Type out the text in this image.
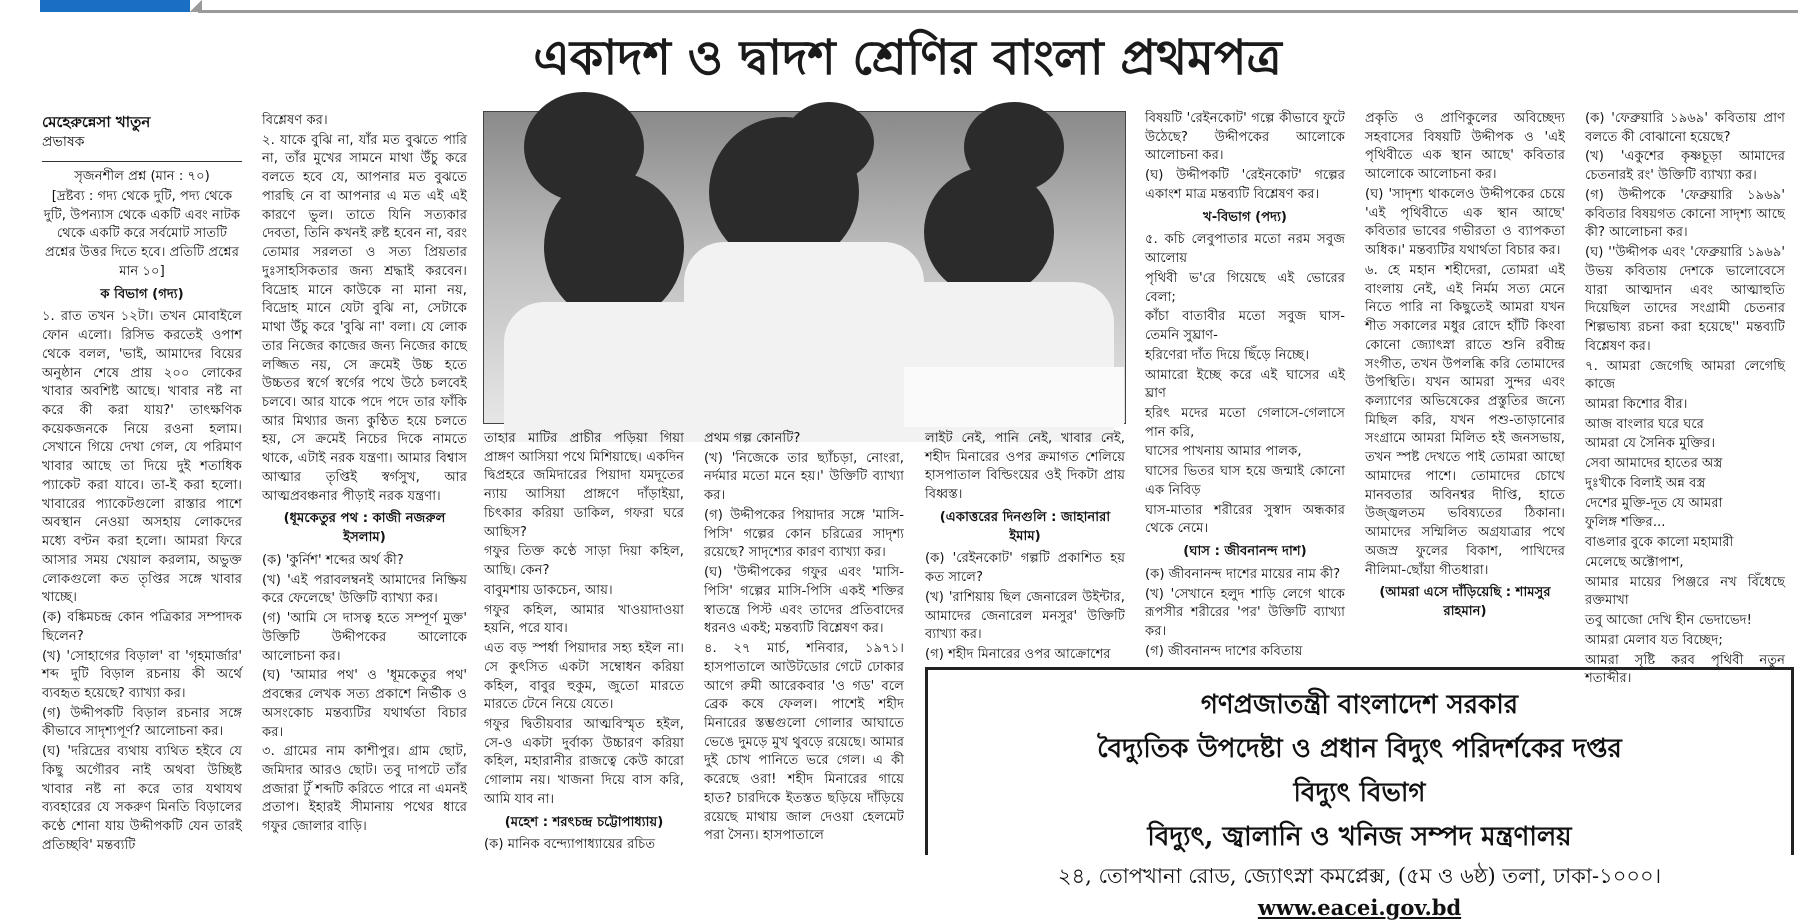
একাদশ ও দ্বাদশ শ্রেণির বাংলা প্রথমপত্র
মেহেরুন্নেসা খাতুন
প্রভাষক

সৃজনশীল প্রশ্ন (মান : ৭০)

[দ্রষ্টব্য : গদ্য থেকে দুটি, পদ্য থেকে দুটি, উপন্যাস থেকে একটি এবং নাটক থেকে একটি করে সর্বমোট সাতটি প্রশ্নের উত্তর দিতে হবে। প্রতিটি প্রশ্নের মান ১০]

ক বিভাগ (গদ্য)

১. রাত তখন ১২টা। তখন মোবাইলে ফোন এলো। রিসিভ করতেই ওপাশ থেকে বলল, 'ভাই, আমাদের বিয়ের অনুষ্ঠান শেষে প্রায় ২০০ লোকের খাবার অবশিষ্ট আছে। খাবার নষ্ট না করে কী করা যায়?' তাৎক্ষণিক কয়েকজনকে নিয়ে রওনা হলাম। সেখানে গিয়ে দেখা গেল, যে পরিমাণ খাবার আছে তা দিয়ে দুই শতাধিক প্যাকেট করা যাবে। তা-ই করা হলো। খাবারের প্যাকেটগুলো রাস্তার পাশে অবস্থান নেওয়া অসহায় লোকদের মধ্যে বণ্টন করা হলো। আমরা ফিরে আসার সময় খেয়াল করলাম, অভুক্ত লোকগুলো কত তৃপ্তির সঙ্গে খাবার খাচ্ছে।

(ক) বঙ্কিমচন্দ্র কোন পত্রিকার সম্পাদক ছিলেন?

(খ) 'সোহাগের বিড়াল' বা 'গৃহমার্জার' শব্দ দুটি বিড়াল রচনায় কী অর্থে ব্যবহৃত হয়েছে? ব্যাখ্যা কর।

(গ) উদ্দীপকটি বিড়াল রচনার সঙ্গে কীভাবে সাদৃশ্যপূর্ণ? আলোচনা কর।

(ঘ) 'দরিদ্রের ব্যথায় ব্যথিত হইবে যে কিছু অগৌরব নাই অথবা উচ্ছিষ্ট খাবার নষ্ট না করে তার যথাযথ ব্যবহারের যে সকরুণ মিনতি বিড়ালের কণ্ঠে শোনা যায় উদ্দীপকটি যেন তারই প্রতিচ্ছবি' মন্তব্যটি

বিশ্লেষণ কর।

২. যাকে বুঝি না, যাঁর মত বুঝতে পারি না, তাঁর মুখের সামনে মাথা উঁচু করে বলতে হবে যে, আপনার মত বুঝতে পারছি নে বা আপনার এ মত এই এই কারণে ভুল। তাতে যিনি সত্যকার দেবতা, তিনি কখনই রুষ্ট হবেন না, বরং তোমার সরলতা ও সত্য প্রিয়তার দুঃসাহসিকতার জন্য শ্রদ্ধাই করবেন। বিদ্রোহ মানে কাউকে না মানা নয়, বিদ্রোহ মানে যেটা বুঝি না, সেটাকে মাথা উঁচু করে 'বুঝি না' বলা। যে লোক তার নিজের কাজের জন্য নিজের কাছে লজ্জিত নয়, সে ক্রমেই উচ্চ হতে উচ্চতর স্বর্গে স্বর্গের পথে উঠে চলবেই চলবে। আর যাকে পদে পদে তার ফাঁকি আর মিথ্যার জন্য কুণ্ঠিত হয়ে চলতে হয়, সে ক্রমেই নিচের দিকে নামতে থাকে, এটাই নরক যন্ত্রণা। আমার বিশ্বাস আত্মার তৃপ্তিই স্বর্গসুখ, আর আত্মপ্রবঞ্চনার পীড়াই নরক যন্ত্রণা।

(ধূমকেতুর পথ : কাজী নজরুল ইসলাম)

(ক) 'কুর্নিশ' শব্দের অর্থ কী?

(খ) 'এই পরাবলম্বনই আমাদের নিষ্ক্রিয় করে ফেলেছে' উক্তিটি ব্যাখ্যা কর।

(গ) 'আমি সে দাসত্ব হতে সম্পূর্ণ মুক্ত' উক্তিটি উদ্দীপকের আলোকে আলোচনা কর।

(ঘ) 'আমার পথ' ও 'ধূমকেতুর পথ' প্রবন্ধের লেখক সত্য প্রকাশে নির্ভীক ও অসংকোচ মন্তব্যটির যথার্থতা বিচার কর।

৩. গ্রামের নাম কাশীপুর। গ্রাম ছোট, জমিদার আরও ছোট। তবু দাপটে তাঁর প্রজারা টুঁ শব্দটি করিতে পারে না এমনই প্রতাপ। ইহারই সীমানায় পথের ধারে গফুর জোলার বাড়ি।

তাহার মাটির প্রাচীর পড়িয়া গিয়া প্রাঙ্গণ আসিয়া পথে মিশিয়াছে। একদিন দ্বিপ্রহরে জমিদারের পিয়াদা যমদূতের ন্যায় আসিয়া প্রাঙ্গণে দাঁড়াইয়া, চিৎকার করিয়া ডাকিল, গফরা ঘরে আছিস?

গফুর তিক্ত কণ্ঠে সাড়া দিয়া কহিল, আছি। কেন?

বাবুমশায় ডাকচেন, আয়।

গফুর কহিল, আমার খাওয়াদাওয়া হয়নি, পরে যাব।

এত বড় স্পর্ধা পিয়াদার সহ্য হইল না। সে কুৎসিত একটা সম্বোধন করিয়া কহিল, বাবুর হুকুম, জুতো মারতে মারতে টেনে নিয়ে যেতে।

গফুর দ্বিতীয়বার আত্মবিস্মৃত হইল, সে-ও একটা দুর্বাক্য উচ্চারণ করিয়া কহিল, মহারানীর রাজত্বে কেউ কারো গোলাম নয়। খাজনা দিয়ে বাস করি, আমি যাব না।

(মহেশ : শরৎচন্দ্র চট্টোপাধ্যায়)

(ক) মানিক বন্দ্যোপাধ্যায়ের রচিত

প্রথম গল্প কোনটি?

(খ) 'নিজেকে তার ছ্যাঁচড়া, নোংরা, নর্দমার মতো মনে হয়।' উক্তিটি ব্যাখ্যা কর।

(গ) উদ্দীপকের পিয়াদার সঙ্গে 'মাসি-পিসি' গল্পের কোন চরিত্রের সাদৃশ্য রয়েছে? সাদৃশ্যের কারণ ব্যাখ্যা কর।

(ঘ) 'উদ্দীপকের গফুর এবং 'মাসি-পিসি' গল্পের মাসি-পিসি একই শক্তির স্বাতন্ত্রে পিস্ট এবং তাদের প্রতিবাদের ধরনও একই; মন্তব্যটি বিশ্লেষণ কর।

৪. ২৭ মার্চ, শনিবার, ১৯৭১। হাসপাতালে আউটডোর গেটে ঢোকার আগে রুমী আরেকবার 'ও গড' বলে ব্রেক কষে ফেলল। পাশেই শহীদ মিনারের স্তম্ভগুলো গোলার আঘাতে ভেঙে দুমড়ে মুখ থুবড়ে রয়েছে। আমার দুই চোখ পানিতে ভরে গেল। এ কী করেছে ওরা! শহীদ মিনারের গায়ে হাত? চারদিকে ইতস্তত ছড়িয়ে দাঁড়িয়ে রয়েছে মাথায় জাল দেওয়া হেলমেট পরা সৈন্য। হাসপাতালে

লাইট নেই, পানি নেই, খাবার নেই, শহীদ মিনারের ওপর ক্রমাগত শেলিয়ে হাসপাতাল বিল্ডিংয়ের ওই দিকটা প্রায় বিধ্বস্ত।

(একাত্তরের দিনগুলি : জাহানারা ইমাম)

(ক) 'রেইনকোট' গল্পটি প্রকাশিত হয় কত সালে?

(খ) 'রাশিয়ায় ছিল জেনারেল উইন্টার, আমাদের জেনারেল মনসুর' উক্তিটি ব্যাখ্যা কর।

(গ) শহীদ মিনারের ওপর আক্রোশের

বিষয়টি 'রেইনকোট' গল্পে কীভাবে ফুটে উঠেছে? উদ্দীপকের আলোকে আলোচনা কর।

(ঘ) উদ্দীপকটি 'রেইনকোট' গল্পের একাংশ মাত্র মন্তব্যটি বিশ্লেষণ কর।

খ-বিভাগ (পদ্য)

৫. কচি লেবুপাতার মতো নরম সবুজ আলোয়

পৃথিবী ভ'রে গিয়েছে এই ভোরের বেলা;

কাঁচা বাতাবীর মতো সবুজ ঘাস- তেমনি সুঘ্রাণ-

হরিণেরা দাঁত দিয়ে ছিঁড়ে নিচ্ছে।

আমারো ইচ্ছে করে এই ঘাসের এই ঘ্রাণ

হরিৎ মদের মতো গেলাসে-গেলাসে পান করি,

ঘাসের পাখনায় আমার পালক,

ঘাসের ভিতর ঘাস হয়ে জন্মাই কোনো এক নিবিড়

ঘাস-মাতার শরীরের সুস্বাদ অন্ধকার থেকে নেমে।

(ঘাস : জীবনানন্দ দাশ)

(ক) জীবনানন্দ দাশের মায়ের নাম কী?

(খ) 'সেখানে হলুদ শাড়ি লেগে থাকে রূপসীর শরীরের 'পর' উক্তিটি ব্যাখ্যা কর।

(গ) জীবনানন্দ দাশের কবিতায়

প্রকৃতি ও প্রাণিকুলের অবিচ্ছেদ্য সহবাসের বিষয়টি উদ্দীপক ও 'এই পৃথিবীতে এক স্থান আছে' কবিতার আলোকে আলোচনা কর।

(ঘ) 'সাদৃশ্য থাকলেও উদ্দীপকের চেয়ে 'এই পৃথিবীতে এক স্থান আছে' কবিতার ভাবের গভীরতা ও ব্যাপকতা অধিক।' মন্তব্যটির যথার্থতা বিচার কর।

৬. হে মহান শহীদেরা, তোমরা এই বাংলায় নেই, এই নির্মম সত্য মেনে নিতে পারি না কিছুতেই আমরা যখন শীত সকালের মধুর রোদে হাঁটি কিংবা কোনো জ্যোৎস্না রাতে শুনি রবীন্দ্র সংগীত, তখন উপলব্ধি করি তোমাদের উপস্থিতি। যখন আমরা সুন্দর এবং কল্যাণের অভিষেকের প্রস্তুতির জন্যে মিছিল করি, যখন পশু-তাড়ানোর সংগ্রামে আমরা মিলিত হই জনসভায়, তখন স্পষ্ট দেখতে পাই তোমরা আছো আমাদের পাশে। তোমাদের চোখে মানবতার অবিনশ্বর দীপ্তি, হাতে উজ্জ্বলতম ভবিষ্যতের ঠিকানা। আমাদের সম্মিলিত অগ্রযাত্রার পথে অজস্র ফুলের বিকাশ, পাখিদের নীলিমা-ছোঁয়া গীতধারা।

(আমরা এসে দাঁড়িয়েছি : শামসুর রাহমান)

(ক) 'ফেব্রুয়ারি ১৯৬৯' কবিতায় প্রাণ বলতে কী বোঝানো হয়েছে?

(খ) 'একুশের কৃষ্ণচূড়া আমাদের চেতনারই রং' উক্তিটি ব্যাখ্যা কর।

(গ) উদ্দীপকে 'ফেব্রুয়ারি ১৯৬৯' কবিতার বিষয়গত কোনো সাদৃশ্য আছে কী? আলোচনা কর।

(ঘ) ''উদ্দীপক এবং 'ফেব্রুয়ারি ১৯৬৯' উভয় কবিতায় দেশকে ভালোবেসে যারা আত্মদান এবং আত্মাহুতি দিয়েছিল তাদের সংগ্রামী চেতনার শিল্পভাষ্য রচনা করা হয়েছে'' মন্তব্যটি বিশ্লেষণ কর।

৭. আমরা জেগেছি আমরা লেগেছি কাজে

আমরা কিশোর বীর।

আজ বাংলার ঘরে ঘরে

আমরা যে সৈনিক মুক্তির।

সেবা আমাদের হাতের অস্ত্র

দুঃখীকে বিলাই অন্ন বস্ত্র

দেশের মুক্তি-দূত যে আমরা

ফুলিঙ্গ শক্তির...

বাঙলার বুকে কালো মহামারী

মেলেছে অক্টোপাশ,

আমার মায়ের পিঞ্জরে নখ বিঁধেছে রক্তমাখা

তবু আজো দেখি হীন ভেদাভেদ!

আমরা মেলাব যত বিচ্ছেদ;

আমরা সৃষ্টি করব পৃথিবী নতুন শতাব্দীর।

গণপ্রজাতন্ত্রী বাংলাদেশ সরকার
বৈদ্যুতিক উপদেষ্টা ও প্রধান বিদ্যুৎ পরিদর্শকের দপ্তর
বিদ্যুৎ বিভাগ
বিদ্যুৎ, জ্বালানি ও খনিজ সম্পদ মন্ত্রণালয়
২৪, তোপখানা রোড, জ্যোৎস্না কমপ্লেক্স, (৫ম ও ৬ষ্ঠ) তলা, ঢাকা-১০০০।
www.eacei.gov.bd
